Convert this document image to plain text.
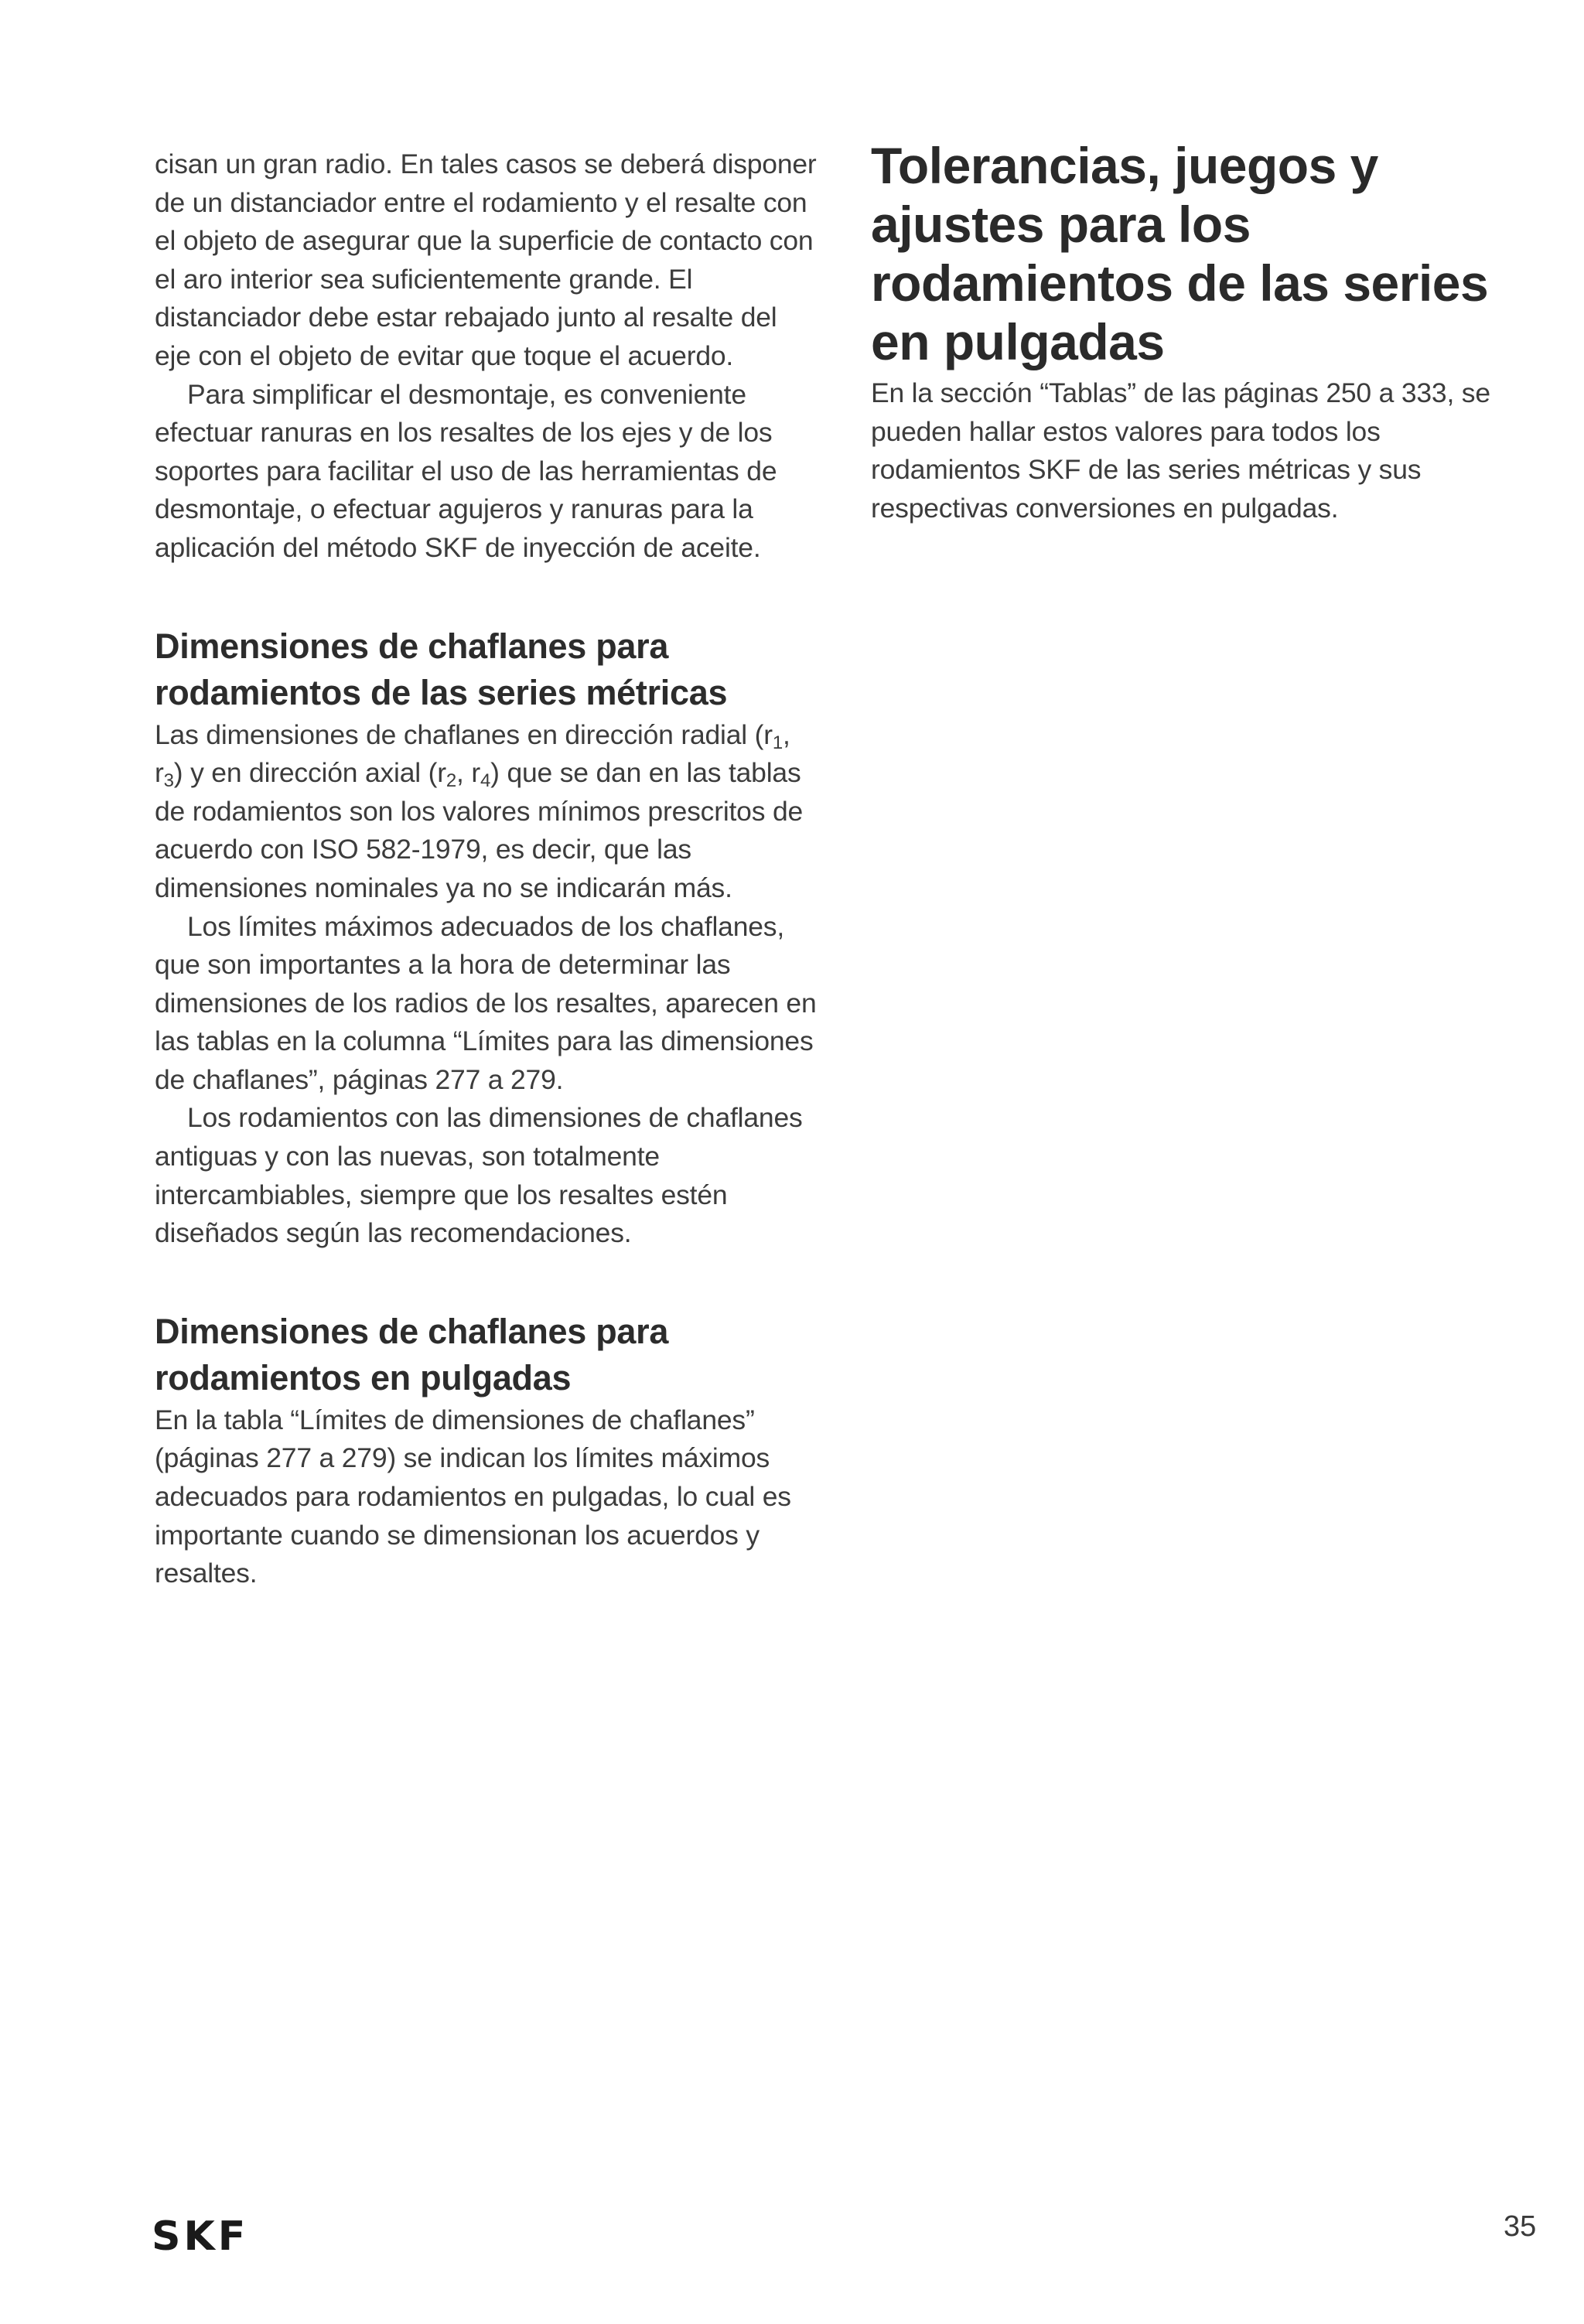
cisan un gran radio. En tales casos se deberá disponer de un distanciador entre el rodamiento y el resalte con el objeto de asegurar que la superficie de contacto con el aro interior sea suficientemente grande. El distanciador debe estar rebajado junto al resalte del eje con el objeto de evitar que toque el acuerdo.

Para simplificar el desmontaje, es conveniente efectuar ranuras en los resaltes de los ejes y de los soportes para facilitar el uso de las herramientas de desmontaje, o efectuar agujeros y ranuras para la aplicación del método SKF de inyección de aceite.

Dimensiones de chaflanes para rodamientos de las series métricas

Las dimensiones de chaflanes en dirección radial ($r_1$, $r_3$) y en dirección axial ($r_2$, $r_4$) que se dan en las tablas de rodamientos son los valores mínimos prescritos de acuerdo con ISO 582-1979, es decir, que las dimensiones nominales ya no se indicarán más.

Los límites máximos adecuados de los chaflanes, que son importantes a la hora de determinar las dimensiones de los radios de los resaltes, aparecen en las tablas en la columna “Límites para las dimensiones de chaflanes”, páginas 277 a 279.

Los rodamientos con las dimensiones de chaflanes antiguas y con las nuevas, son totalmente intercambiables, siempre que los resaltes estén diseñados según las recomendaciones.

Dimensiones de chaflanes para rodamientos en pulgadas

En la tabla “Límites de dimensiones de chaflanes” (páginas 277 a 279) se indican los límites máximos adecuados para rodamientos en pulgadas, lo cual es importante cuando se dimensionan los acuerdos y resaltes.

Tolerancias, juegos y ajustes para los rodamientos de las series en pulgadas

En la sección “Tablas” de las páginas 250 a 333, se pueden hallar estos valores para todos los rodamientos SKF de las series métricas y sus respectivas conversiones en pulgadas.

SKF	35
